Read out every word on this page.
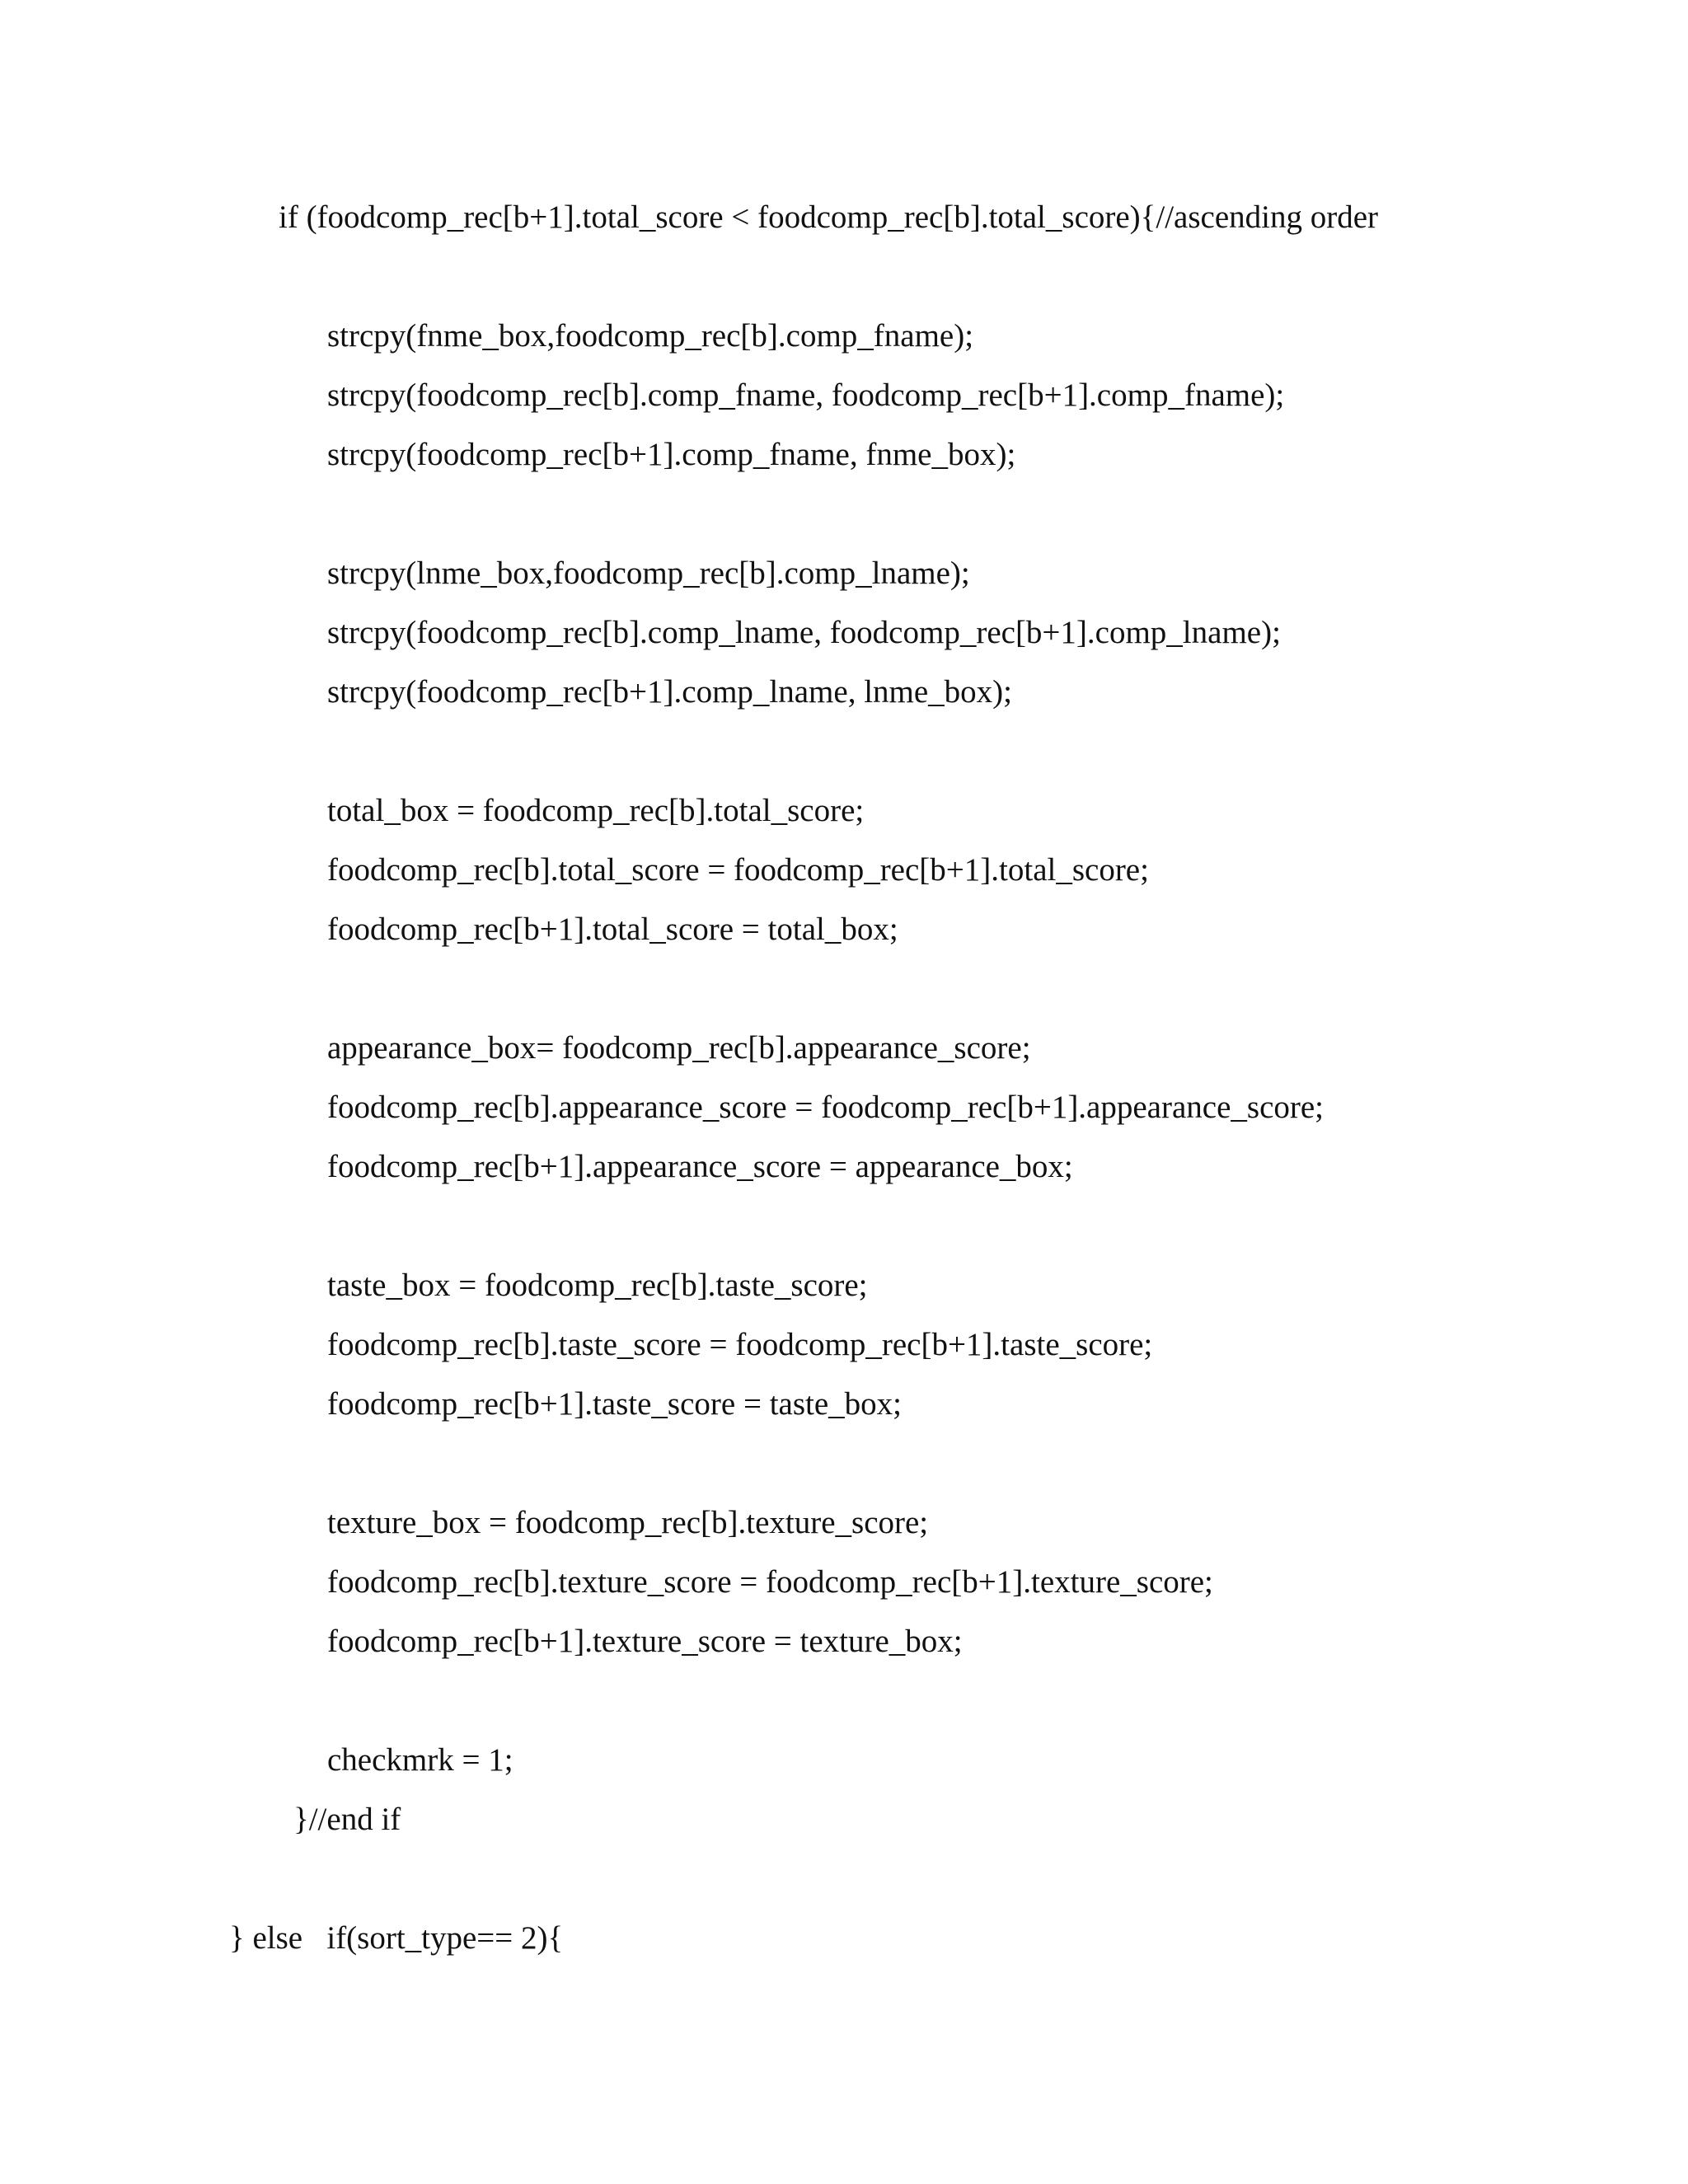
if (foodcomp_rec[b+1].total_score < foodcomp_rec[b].total_score){//ascending order

strcpy(fnme_box,foodcomp_rec[b].comp_fname);

strcpy(foodcomp_rec[b].comp_fname, foodcomp_rec[b+1].comp_fname);

strcpy(foodcomp_rec[b+1].comp_fname, fnme_box);

strcpy(lnme_box,foodcomp_rec[b].comp_lname);

strcpy(foodcomp_rec[b].comp_lname, foodcomp_rec[b+1].comp_lname);

strcpy(foodcomp_rec[b+1].comp_lname, lnme_box);

total_box = foodcomp_rec[b].total_score;

foodcomp_rec[b].total_score = foodcomp_rec[b+1].total_score;

foodcomp_rec[b+1].total_score = total_box;

appearance_box= foodcomp_rec[b].appearance_score;

foodcomp_rec[b].appearance_score = foodcomp_rec[b+1].appearance_score;

foodcomp_rec[b+1].appearance_score = appearance_box;

taste_box = foodcomp_rec[b].taste_score;

foodcomp_rec[b].taste_score = foodcomp_rec[b+1].taste_score;

foodcomp_rec[b+1].taste_score = taste_box;

texture_box = foodcomp_rec[b].texture_score;

foodcomp_rec[b].texture_score = foodcomp_rec[b+1].texture_score;

foodcomp_rec[b+1].texture_score = texture_box;

checkmrk = 1;

}//end if

} else   if(sort_type== 2){
